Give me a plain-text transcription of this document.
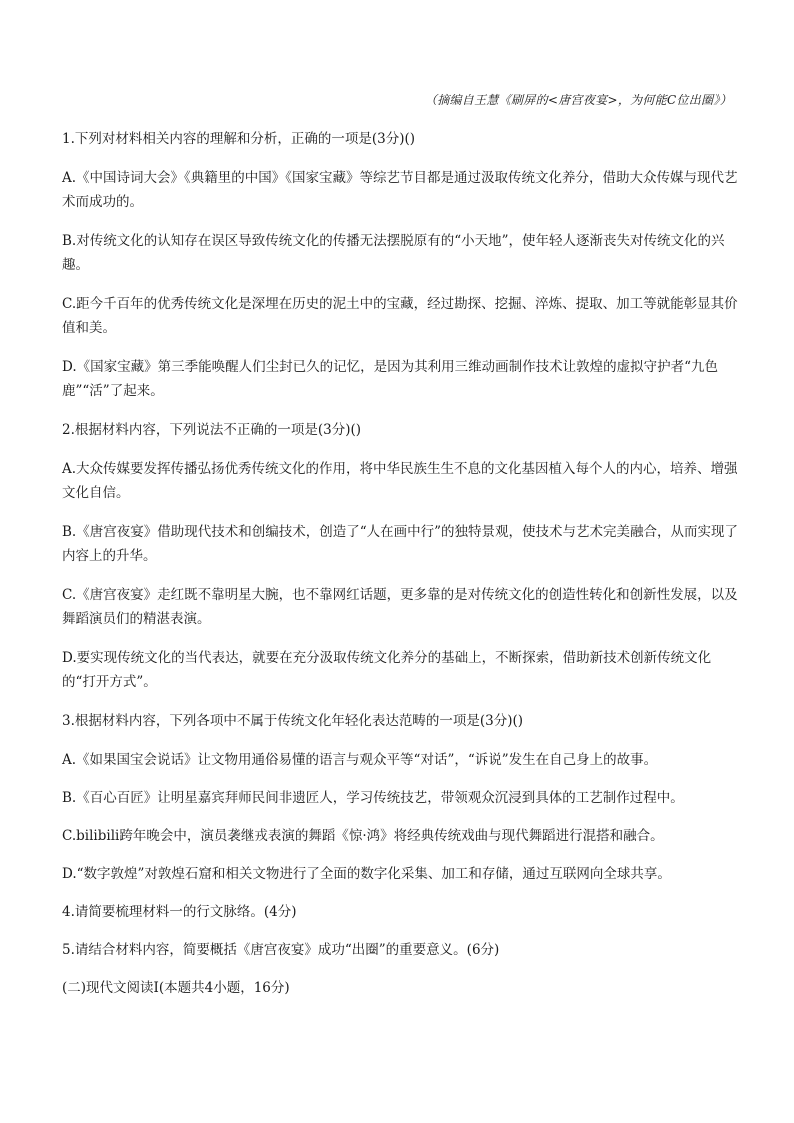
（摘编自王慧《刷屏的<唐宫夜宴>，为何能C位出圈》）

1.下列对材料相关内容的理解和分析，正确的一项是(3分)()

A.《中国诗词大会》《典籍里的中国》《国家宝藏》等综艺节目都是通过汲取传统文化养分，借助大众传媒与现代艺术而成功的。

B.对传统文化的认知存在误区导致传统文化的传播无法摆脱原有的“小天地”，使年轻人逐渐丧失对传统文化的兴趣。

C.距今千百年的优秀传统文化是深埋在历史的泥土中的宝藏，经过勘探、挖掘、淬炼、提取、加工等就能彰显其价值和美。

D.《国家宝藏》第三季能唤醒人们尘封已久的记忆，是因为其利用三维动画制作技术让敦煌的虚拟守护者“九色鹿”“活”了起来。

2.根据材料内容，下列说法不正确的一项是(3分)()

A.大众传媒要发挥传播弘扬优秀传统文化的作用，将中华民族生生不息的文化基因植入每个人的内心，培养、增强文化自信。

B.《唐宫夜宴》借助现代技术和创编技术，创造了“人在画中行”的独特景观，使技术与艺术完美融合，从而实现了内容上的升华。

C.《唐宫夜宴》走红既不靠明星大腕，也不靠网红话题，更多靠的是对传统文化的创造性转化和创新性发展，以及舞蹈演员们的精湛表演。

D.要实现传统文化的当代表达，就要在充分汲取传统文化养分的基础上，不断探索，借助新技术创新传统文化的“打开方式”。

3.根据材料内容，下列各项中不属于传统文化年轻化表达范畴的一项是(3分)()

A.《如果国宝会说话》让文物用通俗易懂的语言与观众平等“对话”，“诉说”发生在自己身上的故事。

B.《百心百匠》让明星嘉宾拜师民间非遗匠人，学习传统技艺，带领观众沉浸到具体的工艺制作过程中。

C.bilibili跨年晚会中，演员袭继戎表演的舞蹈《惊·鸿》将经典传统戏曲与现代舞蹈进行混搭和融合。

D.“数字敦煌”对敦煌石窟和相关文物进行了全面的数字化采集、加工和存储，通过互联网向全球共享。

4.请简要梳理材料一的行文脉络。(4分)

5.请结合材料内容，简要概括《唐宫夜宴》成功“出圈”的重要意义。(6分)

(二)现代文阅读Ⅰ(本题共4小题，16分)
